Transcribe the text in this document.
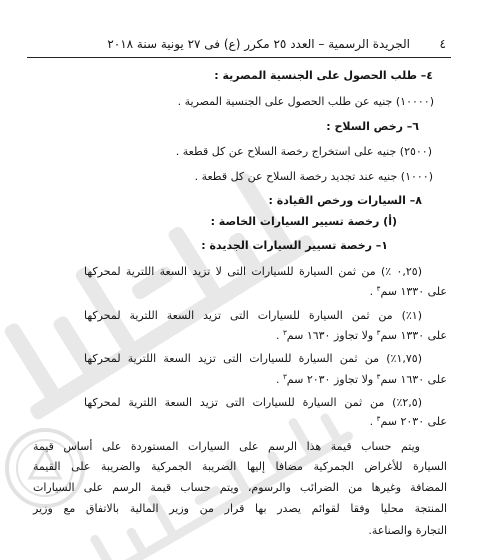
٤
الجريدة الرسمية – العدد ٢٥ مكرر (ع) فى ٢٧ يونية سنة ٢٠١٨
٤– طلب الحصول على الجنسية المصرية :
(١٠٠٠٠) جنيه عن طلب الحصول على الجنسية المصرية .
٦– رخص السلاح :
(٢٥٠٠) جنيه على استخراج رخصة السلاح عن كل قطعة .
(١٠٠٠) جنيه عند تجديد رخصة السلاح عن كل قطعة .
٨– السيارات ورخص القيادة :
(أ) رخصة تسيير السيارات الخاصة :
١– رخصة تسيير السيارات الجديدة :
(٠,٢٥ ٪) من ثمن السيارة للسيارات التى لا تزيد السعة اللترية لمحركها
على ١٣٣٠ سم$^٣$ .
(١٪) من ثمن السيارة للسيارات التى تزيد السعة اللترية لمحركها
على ١٣٣٠ سم$^٣$ ولا تجاوز ١٦٣٠ سم$^٣$ .
(١,٧٥٪) من ثمن السيارة للسيارات التى تزيد السعة اللترية لمحركها
على ١٦٣٠ سم$^٣$ ولا تجاوز ٢٠٣٠ سم$^٣$ .
(٢,٥٪) من ثمن السيارة للسيارات التى تزيد السعة اللترية لمحركها
على ٢٠٣٠ سم$^٣$ .
ويتم حساب قيمة هذا الرسم على السيارات المستوردة على أساس قيمة
السيارة للأغراض الجمركية مضافا إليها الضريبة الجمركية والضريبة على القيمة
المضافة وغيرها من الضرائب والرسوم، ويتم حساب قيمة الرسم على السيارات
المنتجة محليا وفقا لقوائم يصدر بها قرار من وزير المالية بالاتفاق مع وزير
التجارة والصناعة.
